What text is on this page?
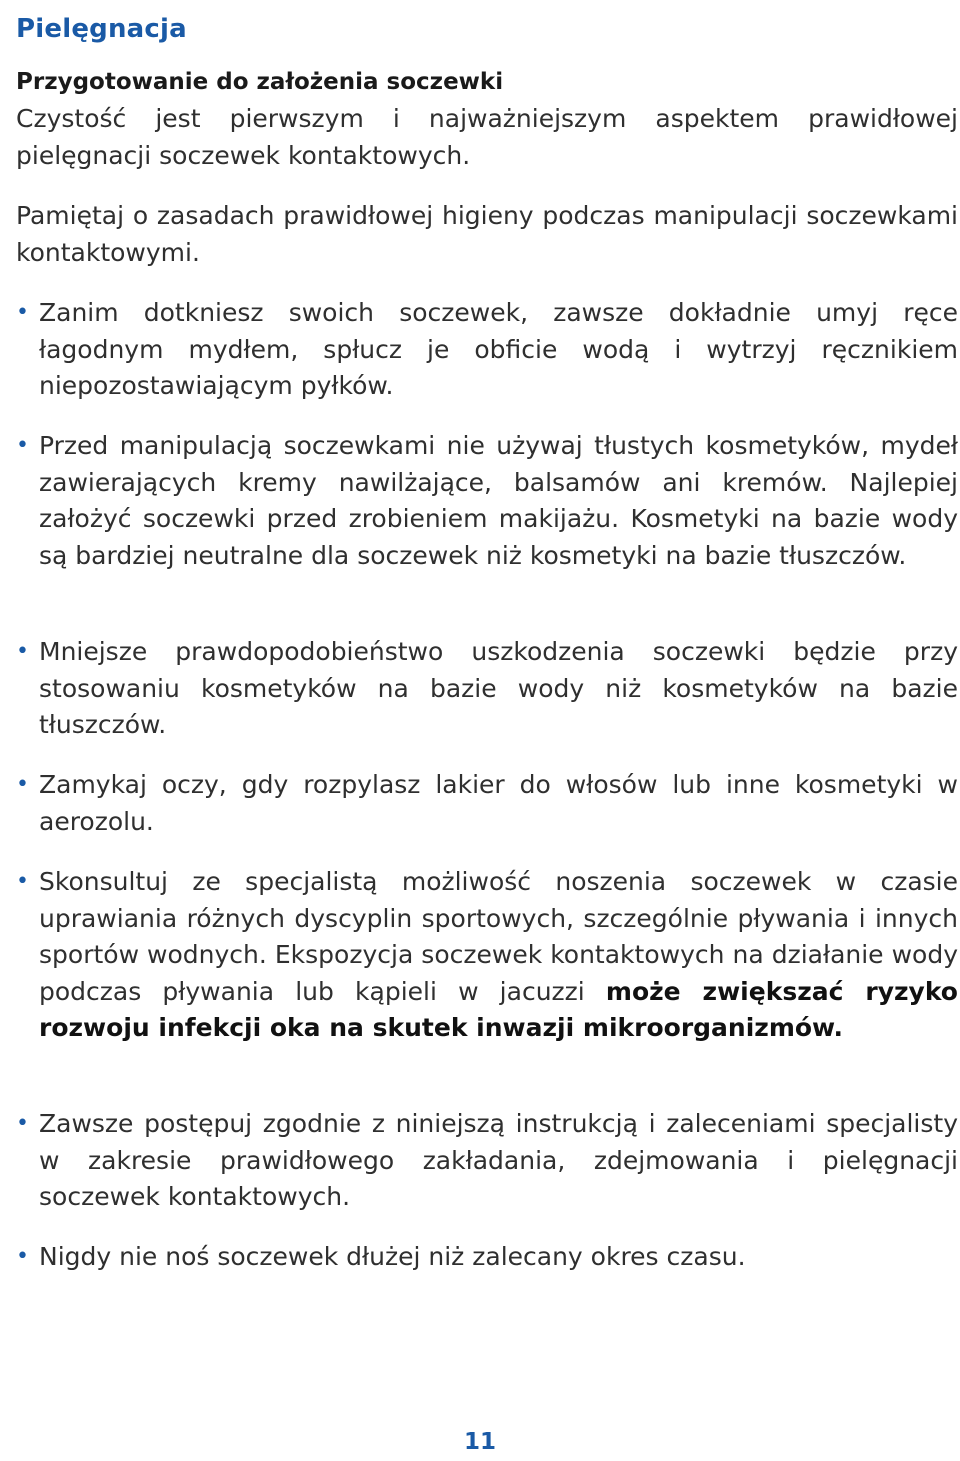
Pielęgnacja
Przygotowanie do założenia soczewki

Czystość jest pierwszym i najważniejszym aspektem prawidłowej pielęgnacji soczewek kontaktowych.

Pamiętaj o zasadach prawidłowej higieny podczas manipulacji soczewkami kontaktowymi.

• Zanim dotkniesz swoich soczewek, zawsze dokładnie umyj ręce łagodnym mydłem, spłucz je obficie wodą i wytrzyj ręcznikiem niepozostawiającym pyłków.
• Przed manipulacją soczewkami nie używaj tłustych kosmetyków, mydeł zawierających kremy nawilżające, balsamów ani kremów. Najlepiej założyć soczewki przed zrobieniem makijażu. Kosmetyki na bazie wody są bardziej neutralne dla soczewek niż kosmetyki na bazie tłuszczów.
• Mniejsze prawdopodobieństwo uszkodzenia soczewki będzie przy stosowaniu kosmetyków na bazie wody niż kosmetyków na bazie tłuszczów.
• Zamykaj oczy, gdy rozpylasz lakier do włosów lub inne kosmetyki w aerozolu.
• Skonsultuj ze specjalistą możliwość noszenia soczewek w czasie uprawiania różnych dyscyplin sportowych, szczególnie pływania i innych sportów wodnych. Ekspozycja soczewek kontaktowych na działanie wody podczas pływania lub kąpieli w jacuzzi może zwiększać ryzyko rozwoju infekcji oka na skutek inwazji mikroorganizmów.
• Zawsze postępuj zgodnie z niniejszą instrukcją i zaleceniami specjalisty w zakresie prawidłowego zakładania, zdejmowania i pielęgnacji soczewek kontaktowych.
• Nigdy nie noś soczewek dłużej niż zalecany okres czasu.
11
